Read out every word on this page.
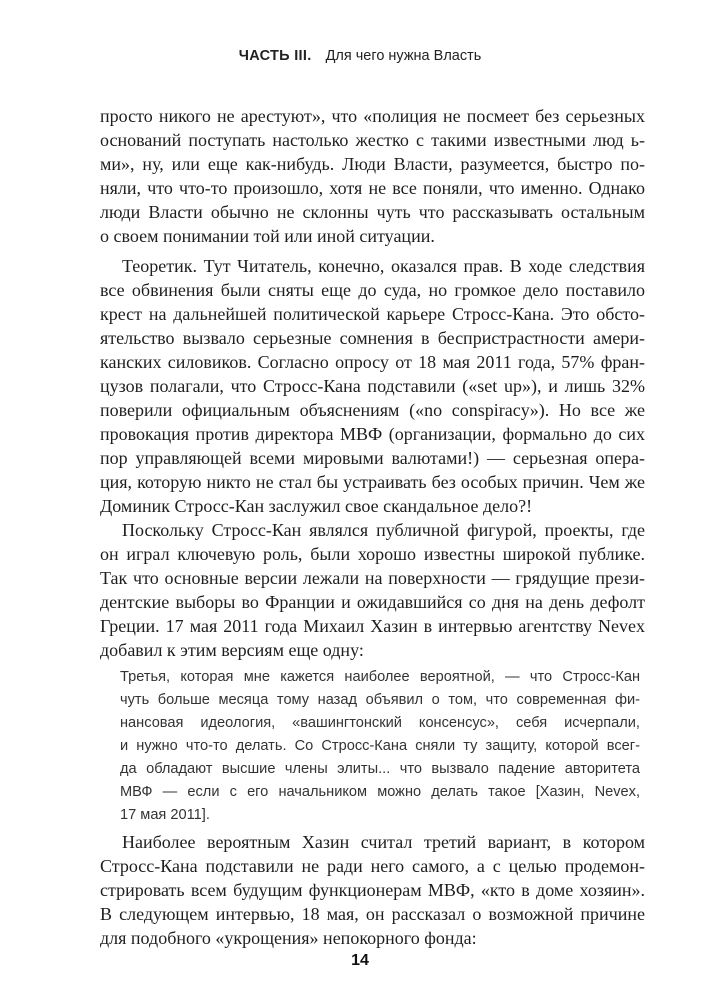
ЧАСТЬ III. Для чего нужна Власть
просто никого не арестуют», что «полиция не посмеет без серьезных
оснований поступать настолько жестко с такими известными люд ь-
ми», ну, или еще как-нибудь. Люди Власти, разумеется, быстро по-
няли, что что-то произошло, хотя не все поняли, что именно. Однако
люди Власти обычно не склонны чуть что рассказывать остальным
о своем понимании той или иной ситуации.
Теоретик. Тут Читатель, конечно, оказался прав. В ходе следствия
все обвинения были сняты еще до суда, но громкое дело поставило
крест на дальнейшей политической карьере Стросс-Кана. Это обсто-
ятельство вызвало серьезные сомнения в беспристрастности амери-
канских силовиков. Согласно опросу от 18 мая 2011 года, 57% фран-
цузов полагали, что Стросс-Кана подставили («set up»), и лишь 32%
поверили официальным объяснениям («no conspiracy»). Но все же
провокация против директора МВФ (организации, формально до сих
пор управляющей всеми мировыми валютами!) — серьезная опера-
ция, которую никто не стал бы устраивать без особых причин. Чем же
Доминик Стросс-Кан заслужил свое скандальное дело?!
Поскольку Стросс-Кан являлся публичной фигурой, проекты, где
он играл ключевую роль, были хорошо известны широкой публике.
Так что основные версии лежали на поверхности — грядущие прези-
дентские выборы во Франции и ожидавшийся со дня на день дефолт
Греции. 17 мая 2011 года Михаил Хазин в интервью агентству Nevex
добавил к этим версиям еще одну:
Третья, которая мне кажется наиболее вероятной, — что Стросс-Кан
чуть больше месяца тому назад объявил о том, что современная фи-
нансовая идеология, «вашингтонский консенсус», себя исчерпали,
и нужно что-то делать. Со Стросс-Кана сняли ту защиту, которой всег-
да обладают высшие члены элиты... что вызвало падение авторитета
МВФ — если с его начальником можно делать такое [Хазин, Nevex,
17 мая 2011].
Наиболее вероятным Хазин считал третий вариант, в котором
Стросс-Кана подставили не ради него самого, а с целью продемон-
стрировать всем будущим функционерам МВФ, «кто в доме хозяин».
В следующем интервью, 18 мая, он рассказал о возможной причине
для подобного «укрощения» непокорного фонда:
14
